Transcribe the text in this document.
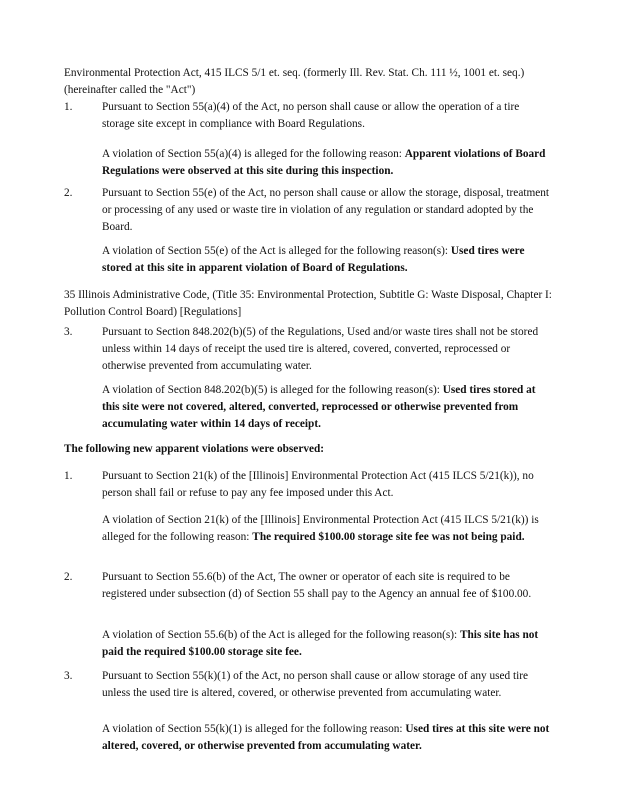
Environmental Protection Act, 415 ILCS 5/1 et. seq. (formerly Ill. Rev. Stat. Ch. 111 ½, 1001 et. seq.) (hereinafter called the "Act")

1.	Pursuant to Section 55(a)(4) of the Act, no person shall cause or allow the operation of a tire storage site except in compliance with Board Regulations.

A violation of Section 55(a)(4) is alleged for the following reason: Apparent violations of Board Regulations were observed at this site during this inspection.

2.	Pursuant to Section 55(e) of the Act, no person shall cause or allow the storage, disposal, treatment or processing of any used or waste tire in violation of any regulation or standard adopted by the Board.

A violation of Section 55(e) of the Act is alleged for the following reason(s): Used tires were stored at this site in apparent violation of Board of Regulations.

35 Illinois Administrative Code, (Title 35: Environmental Protection, Subtitle G: Waste Disposal, Chapter I: Pollution Control Board) [Regulations]

3.	Pursuant to Section 848.202(b)(5) of the Regulations, Used and/or waste tires shall not be stored unless within 14 days of receipt the used tire is altered, covered, converted, reprocessed or otherwise prevented from accumulating water.

A violation of Section 848.202(b)(5) is alleged for the following reason(s): Used tires stored at this site were not covered, altered, converted, reprocessed or otherwise prevented from accumulating water within 14 days of receipt.

The following new apparent violations were observed:

1.	Pursuant to Section 21(k) of the [Illinois] Environmental Protection Act (415 ILCS 5/21(k)), no person shall fail or refuse to pay any fee imposed under this Act.

A violation of Section 21(k) of the [Illinois] Environmental Protection Act (415 ILCS 5/21(k)) is alleged for the following reason: The required $100.00 storage site fee was not being paid.

2.	Pursuant to Section 55.6(b) of the Act, The owner or operator of each site is required to be registered under subsection (d) of Section 55 shall pay to the Agency an annual fee of $100.00.

A violation of Section 55.6(b) of the Act is alleged for the following reason(s): This site has not paid the required $100.00 storage site fee.

3.	Pursuant to Section 55(k)(1) of the Act, no person shall cause or allow storage of any used tire unless the used tire is altered, covered, or otherwise prevented from accumulating water.

A violation of Section 55(k)(1) is alleged for the following reason: Used tires at this site were not altered, covered, or otherwise prevented from accumulating water.
